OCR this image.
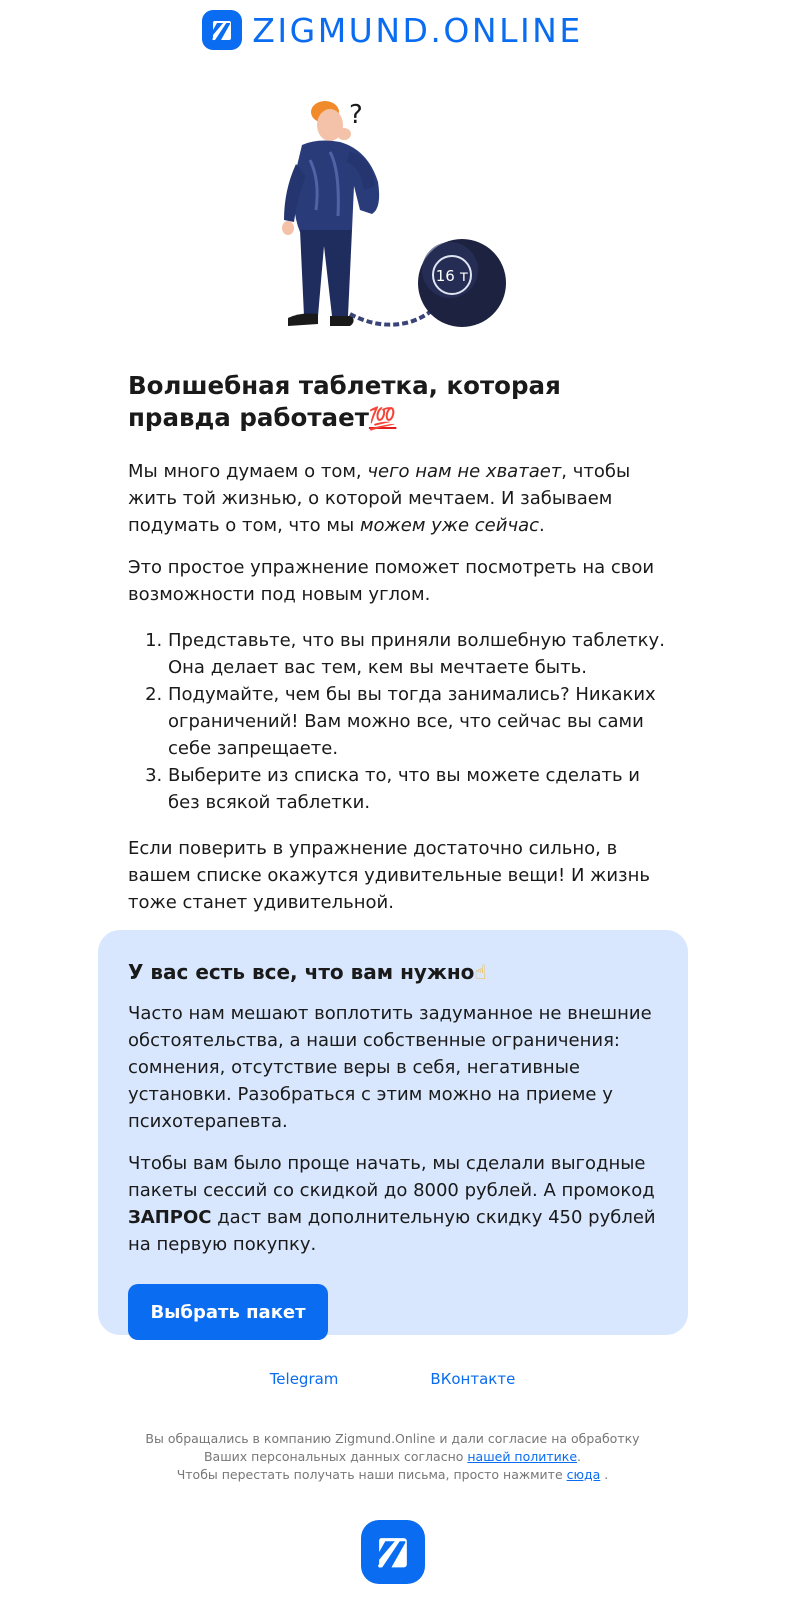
ZIGMUND.ONLINE
?
16 т
Волшебная таблетка, которая правда работает💯

Мы много думаем о том, чего нам не хватает, чтобы жить той жизнью, о которой мечтаем. И забываем подумать о том, что мы можем уже сейчас.

Это простое упражнение поможет посмотреть на свои возможности под новым углом.

1. Представьте, что вы приняли волшебную таблетку. Она делает вас тем, кем вы мечтаете быть.
2. Подумайте, чем бы вы тогда занимались? Никаких ограничений! Вам можно все, что сейчас вы сами себе запрещаете.
3. Выберите из списка то, что вы можете сделать и без всякой таблетки.

Если поверить в упражнение достаточно сильно, в вашем списке окажутся удивительные вещи! И жизнь тоже станет удивительной.

У вас есть все, что вам нужно☝

Часто нам мешают воплотить задуманное не внешние обстоятельства, а наши собственные ограничения: сомнения, отсутствие веры в себя, негативные установки. Разобраться с этим можно на приеме у психотерапевта.

Чтобы вам было проще начать, мы сделали выгодные пакеты сессий со скидкой до 8000 рублей. А промокод ЗАПРОС даст вам дополнительную скидку 450 рублей на первую покупку.

Выбрать пакет
Telegram	ВКонтакте
Вы обращались в компанию Zigmund.Online и дали согласие на обработку Ваших персональных данных согласно нашей политике.
Чтобы перестать получать наши письма, просто нажмите сюда .
